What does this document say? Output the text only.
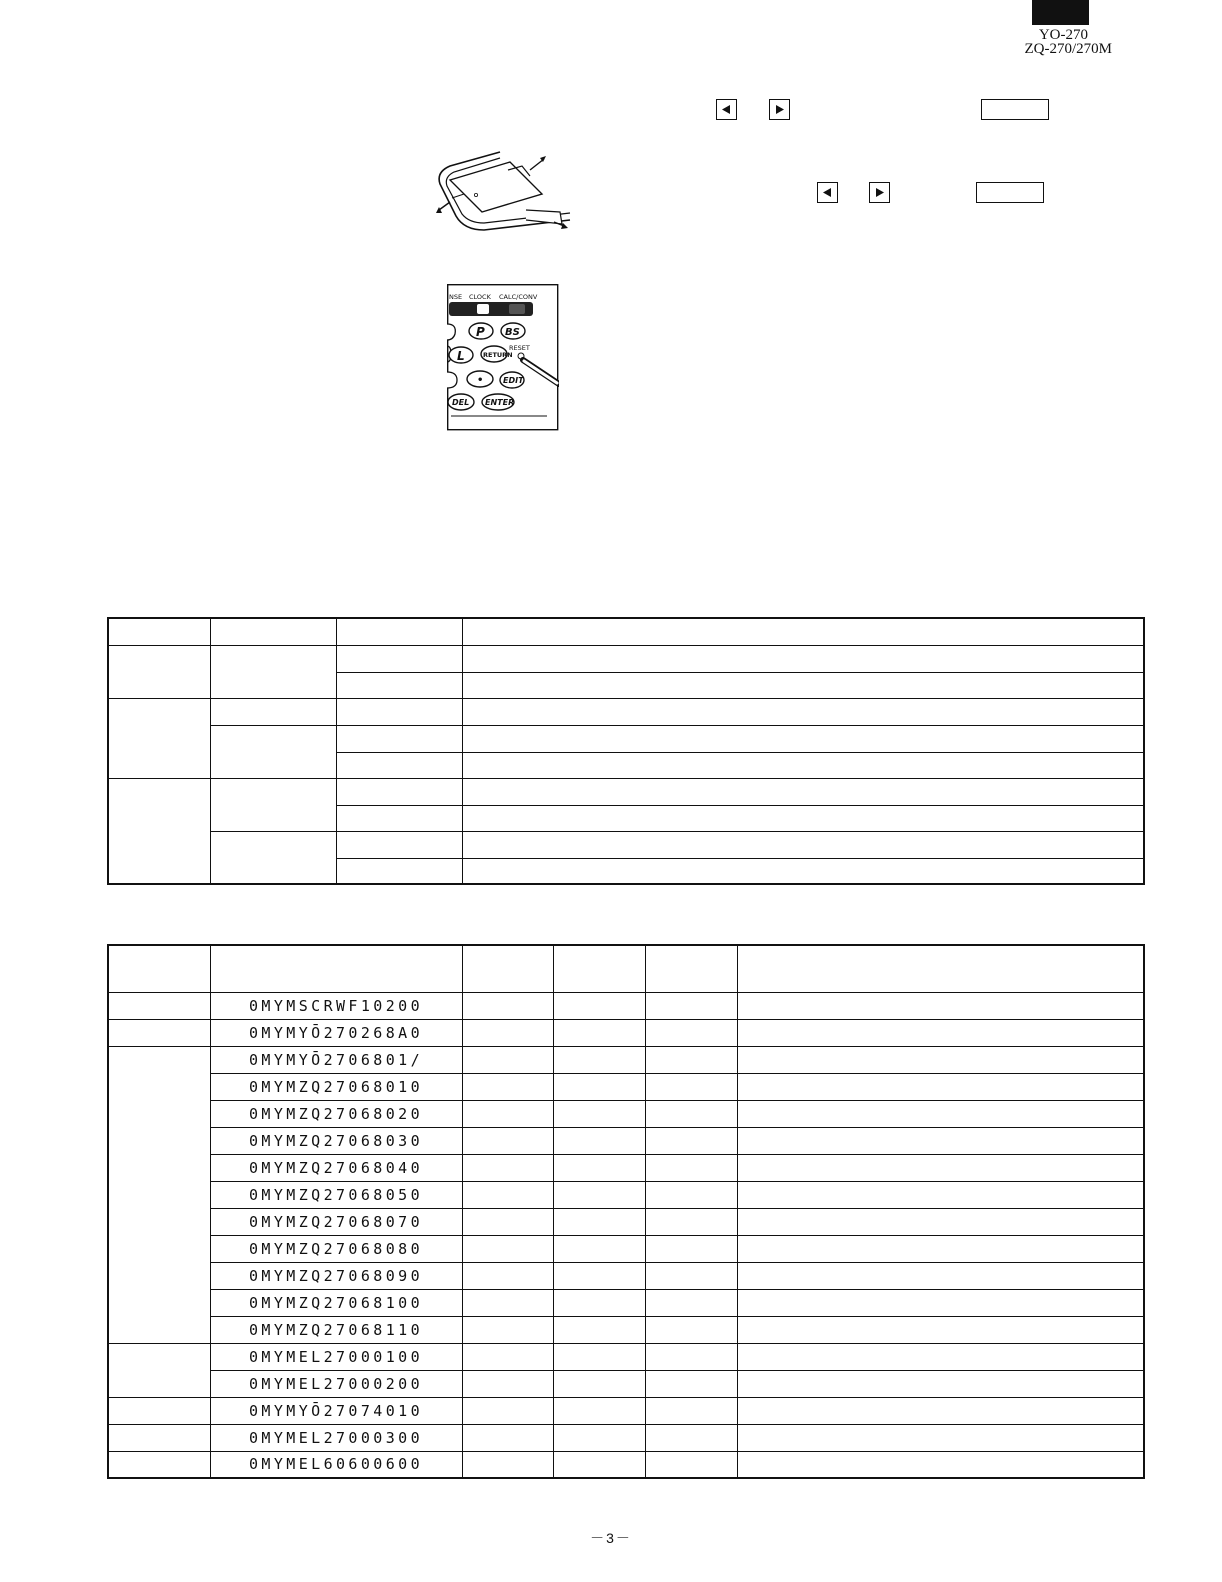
YO-270
ZQ-270/270M
NSE CLOCK CALC/CONV
P BS
L	RETURN
RESET
• EDIT
DEL ENTER

	0MYMSCRWF10200				
	0MYMYŌ270268A0				
	0MYMYŌ2706801/				
	0MYMZQ27068010				
	0MYMZQ27068020				
	0MYMZQ27068030				
	0MYMZQ27068040				
	0MYMZQ27068050				
	0MYMZQ27068070				
	0MYMZQ27068080				
	0MYMZQ27068090				
	0MYMZQ27068100				
	0MYMZQ27068110				
	0MYMEL27000100				
	0MYMEL27000200				
	0MYMYŌ27074010				
	0MYMEL27000300				
	0MYMEL60600600				
－3－
